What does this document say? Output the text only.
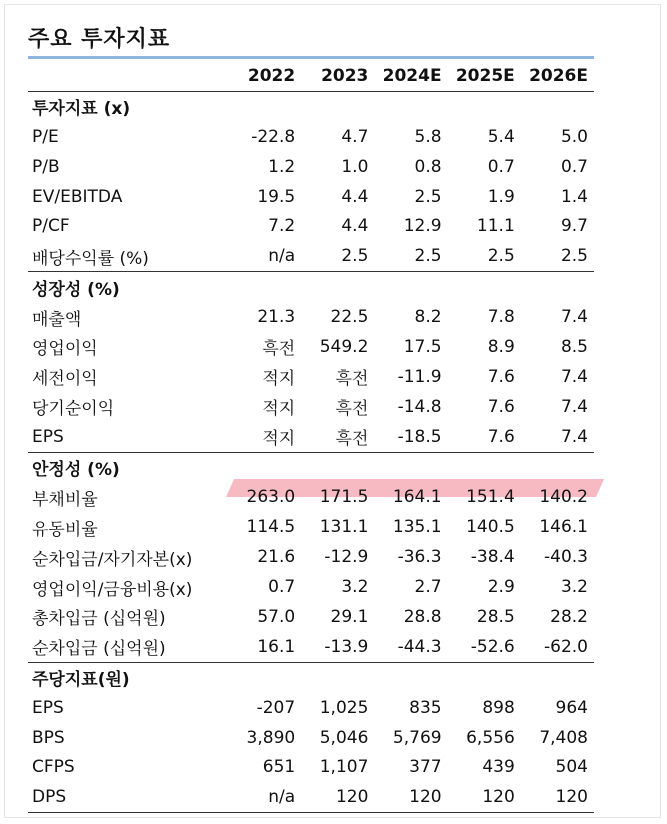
주요 투자지표
	2022	2023	2024E	2025E	2026E
투자지표 (x)					
P/E	-22.8	4.7	5.8	5.4	5.0
P/B	1.2	1.0	0.8	0.7	0.7
EV/EBITDA	19.5	4.4	2.5	1.9	1.4
P/CF	7.2	4.4	12.9	11.1	9.7
배당수익률 (%)	n/a	2.5	2.5	2.5	2.5
성장성 (%)					
매출액	21.3	22.5	8.2	7.8	7.4
영업이익	흑전	549.2	17.5	8.9	8.5
세전이익	적지	흑전	-11.9	7.6	7.4
당기순이익	적지	흑전	-14.8	7.6	7.4
EPS	적지	흑전	-18.5	7.6	7.4
안정성 (%)					
부채비율	263.0	171.5	164.1	151.4	140.2
유동비율	114.5	131.1	135.1	140.5	146.1
순차입금/자기자본(x)	21.6	-12.9	-36.3	-38.4	-40.3
영업이익/금융비용(x)	0.7	3.2	2.7	2.9	3.2
총차입금 (십억원)	57.0	29.1	28.8	28.5	28.2
순차입금 (십억원)	16.1	-13.9	-44.3	-52.6	-62.0
주당지표(원)					
EPS	-207	1,025	835	898	964
BPS	3,890	5,046	5,769	6,556	7,408
CFPS	651	1,107	377	439	504
DPS	n/a	120	120	120	120
